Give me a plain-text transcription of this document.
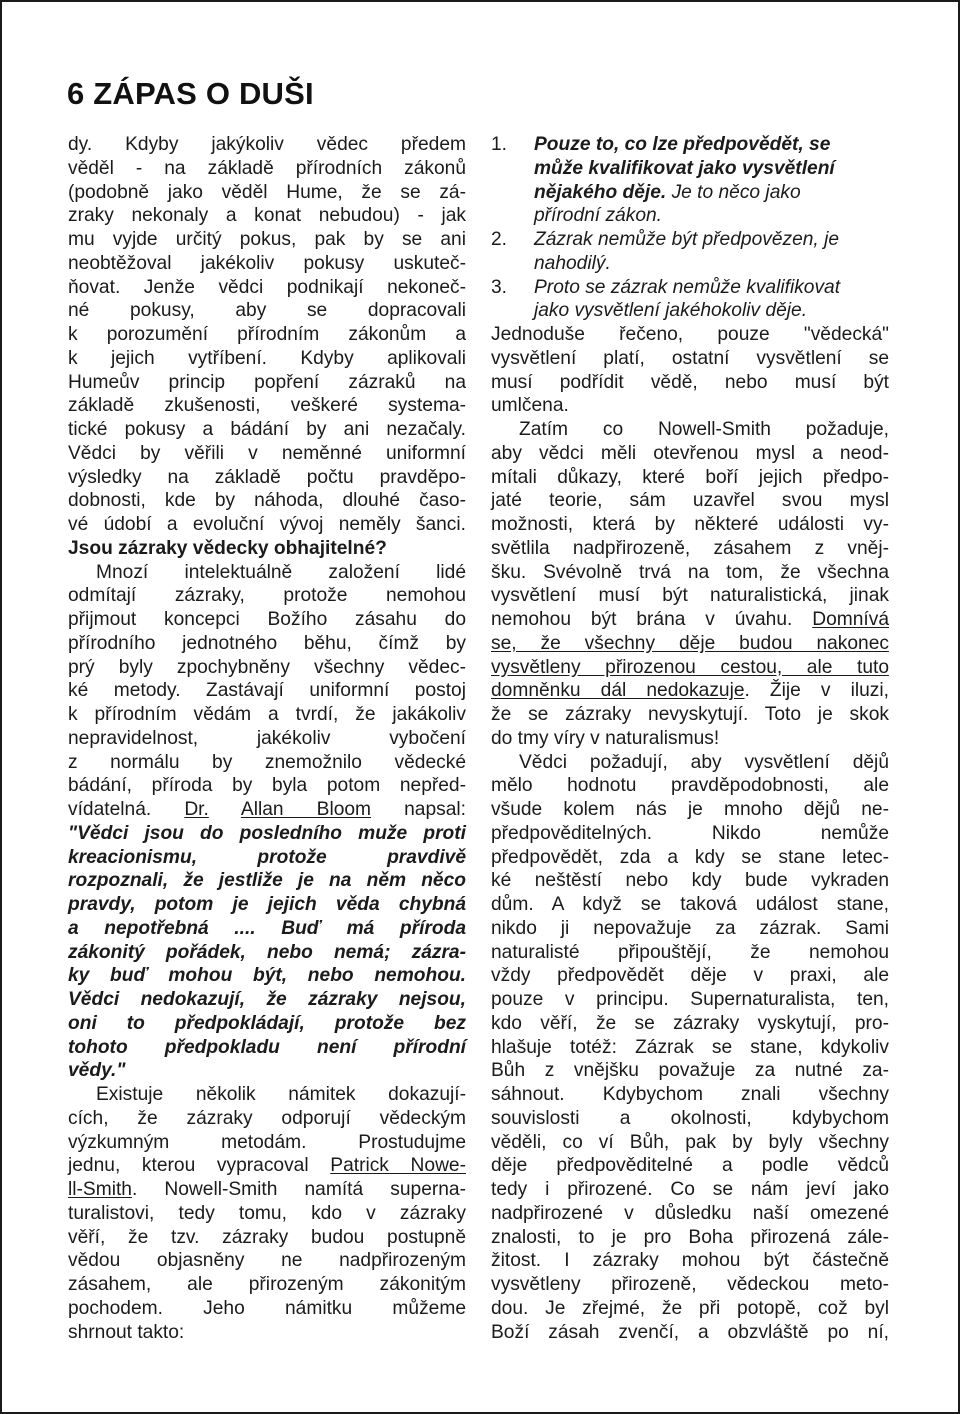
6 ZÁPAS O DUŠI
dy. Kdyby jakýkoliv vědec předem
věděl - na základě přírodních zákonů
(podobně jako věděl Hume, že se zá-
zraky nekonaly a konat nebudou) - jak
mu vyjde určitý pokus, pak by se ani
neobtěžoval jakékoliv pokusy uskuteč-
ňovat. Jenže vědci podnikají nekoneč-
né pokusy, aby se dopracovali
k porozumění přírodním zákonům a
k jejich vytříbení. Kdyby aplikovali
Humeův princip popření zázraků na
základě zkušenosti, veškeré systema-
tické pokusy a bádání by ani nezačaly.
Vědci by věřili v neměnné uniformní
výsledky na základě počtu pravděpo-
dobnosti, kde by náhoda, dlouhé časo-
vé údobí a evoluční vývoj neměly šanci.
Jsou zázraky vědecky obhajitelné?
Mnozí intelektuálně založení lidé
odmítají zázraky, protože nemohou
přijmout koncepci Božího zásahu do
přírodního jednotného běhu, čímž by
prý byly zpochybněny všechny vědec-
ké metody. Zastávají uniformní postoj
k přírodním vědám a tvrdí, že jakákoliv
nepravidelnost, jakékoliv vybočení
z normálu by znemožnilo vědecké
bádání, příroda by byla potom nepřed-
vídatelná. Dr. Allan Bloom napsal:
"Vědci jsou do posledního muže proti
kreacionismu, protože pravdivě
rozpoznali, že jestliže je na něm něco
pravdy, potom je jejich věda chybná
a nepotřebná .... Buď má příroda
zákonitý pořádek, nebo nemá; zázra-
ky buď mohou být, nebo nemohou.
Vědci nedokazují, že zázraky nejsou,
oni to předpokládají, protože bez
tohoto předpokladu není přírodní
vědy."
Existuje několik námitek dokazují-
cích, že zázraky odporují vědeckým
výzkumným metodám. Prostudujme
jednu, kterou vypracoval Patrick Nowe-
ll-Smith. Nowell-Smith namítá superna-
turalistovi, tedy tomu, kdo v zázraky
věří, že tzv. zázraky budou postupně
vědou objasněny ne nadpřirozeným
zásahem, ale přirozeným zákonitým
pochodem. Jeho námitku můžeme
shrnout takto:
1.	Pouze to, co lze předpovědět, se
může kvalifikovat jako vysvětlení
nějakého děje. Je to něco jako
přírodní zákon.
2.	Zázrak nemůže být předpovězen, je
nahodilý.
3.	Proto se zázrak nemůže kvalifikovat
jako vysvětlení jakéhokoliv děje.
Jednoduše řečeno, pouze "vědecká"
vysvětlení platí, ostatní vysvětlení se
musí podřídit vědě, nebo musí být
umlčena.
Zatím co Nowell-Smith požaduje,
aby vědci měli otevřenou mysl a neod-
mítali důkazy, které boří jejich předpo-
jaté teorie, sám uzavřel svou mysl
možnosti, která by některé události vy-
světlila nadpřirozeně, zásahem z vněj-
šku. Svévolně trvá na tom, že všechna
vysvětlení musí být naturalistická, jinak
nemohou být brána v úvahu. Domnívá
se, že všechny děje budou nakonec
vysvětleny přirozenou cestou, ale tuto
domněnku dál nedokazuje. Žije v iluzi,
že se zázraky nevyskytují. Toto je skok
do tmy víry v naturalismus!
Vědci požadují, aby vysvětlení dějů
mělo hodnotu pravděpodobnosti, ale
všude kolem nás je mnoho dějů ne-
předpověditelných. Nikdo nemůže
předpovědět, zda a kdy se stane letec-
ké neštěstí nebo kdy bude vykraden
dům. A když se taková událost stane,
nikdo ji nepovažuje za zázrak. Sami
naturalisté připouštějí, že nemohou
vždy předpovědět děje v praxi, ale
pouze v principu. Supernaturalista, ten,
kdo věří, že se zázraky vyskytují, pro-
hlašuje totéž: Zázrak se stane, kdykoliv
Bůh z vnějšku považuje za nutné za-
sáhnout. Kdybychom znali všechny
souvislosti a okolnosti, kdybychom
věděli, co ví Bůh, pak by byly všechny
děje předpověditelné a podle vědců
tedy i přirozené. Co se nám jeví jako
nadpřirozené v důsledku naší omezené
znalosti, to je pro Boha přirozená zále-
žitost. I zázraky mohou být částečně
vysvětleny přirozeně, vědeckou meto-
dou. Je zřejmé, že při potopě, což byl
Boží zásah zvenčí, a obzvláště po ní,
